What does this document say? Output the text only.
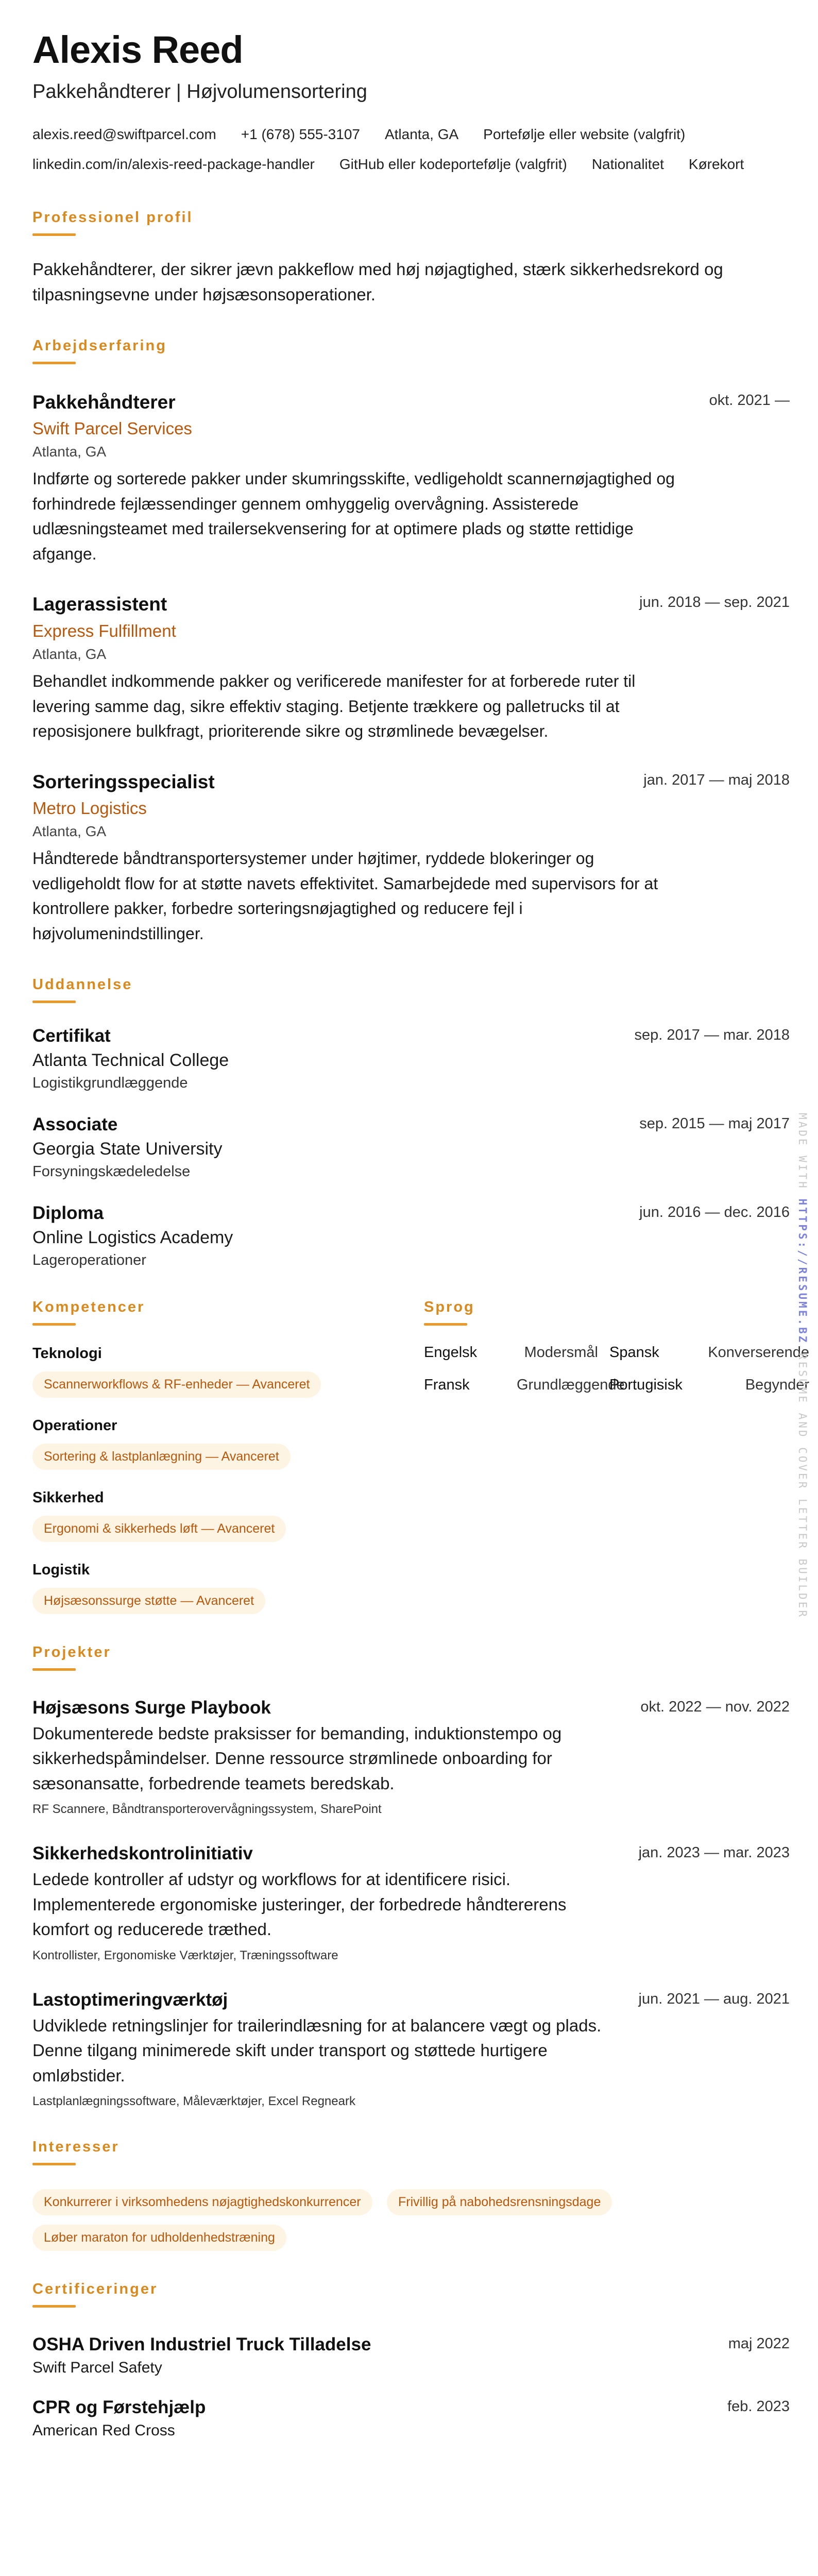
Alexis Reed
Pakkehåndterer | Højvolumensortering
alexis.reed@swiftparcel.com +1 (678) 555-3107 Atlanta, GA Portefølje eller website (valgfrit)
linkedin.com/in/alexis-reed-package-handler GitHub eller kodeportefølje (valgfrit) Nationalitet Kørekort
Professionel profil
Pakkehåndterer, der sikrer jævn pakkeflow med høj nøjagtighed, stærk sikkerhedsrekord og tilpasningsevne under højsæsonsoperationer.
Arbejdserfaring
okt. 2021 —
Pakkehåndterer
Swift Parcel Services
Atlanta, GA
Indførte og sorterede pakker under skumringsskifte, vedligeholdt scannernøjagtighed og forhindrede fejlæssendinger gennem omhyggelig overvågning. Assisterede udlæsningsteamet med trailersekvensering for at optimere plads og støtte rettidige afgange.
jun. 2018 — sep. 2021
Lagerassistent
Express Fulfillment
Atlanta, GA
Behandlet indkommende pakker og verificerede manifester for at forberede ruter til levering samme dag, sikre effektiv staging. Betjente trækkere og palletrucks til at reposisjonere bulkfragt, prioriterende sikre og strømlinede bevægelser.
jan. 2017 — maj 2018
Sorteringsspecialist
Metro Logistics
Atlanta, GA
Håndterede båndtransportersystemer under højtimer, ryddede blokeringer og vedligeholdt flow for at støtte navets effektivitet. Samarbejdede med supervisors for at kontrollere pakker, forbedre sorteringsnøjagtighed og reducere fejl i højvolumenindstillinger.
Uddannelse
sep. 2017 — mar. 2018
Certifikat
Atlanta Technical College
Logistikgrundlæggende
sep. 2015 — maj 2017
Associate
Georgia State University
Forsyningskædeledelse
jun. 2016 — dec. 2016
Diploma
Online Logistics Academy
Lageroperationer
Kompetencer
Teknologi
Scannerworkflows & RF-enheder — Avanceret
Operationer
Sortering & lastplanlægning — Avanceret
Sikkerhed
Ergonomi & sikkerheds løft — Avanceret
Logistik
Højsæsonssurge støtte — Avanceret
Sprog
Engelsk	Modersmål Spansk	Konverserende
Fransk	Grundlæggende
Portugisisk	Begynder
Projekter
okt. 2022 — nov. 2022
Højsæsons Surge Playbook
Dokumenterede bedste praksisser for bemanding, induktionstempo og sikkerhedspåmindelser. Denne ressource strømlinede onboarding for sæsonansatte, forbedrende teamets beredskab.
RF Scannere, Båndtransporterovervågningssystem, SharePoint
jan. 2023 — mar. 2023
Sikkerhedskontrolinitiativ
Ledede kontroller af udstyr og workflows for at identificere risici. Implementerede ergonomiske justeringer, der forbedrede håndtererens komfort og reducerede træthed.
Kontrollister, Ergonomiske Værktøjer, Træningssoftware
jun. 2021 — aug. 2021
Lastoptimeringværktøj
Udviklede retningslinjer for trailerindlæsning for at balancere vægt og plads. Denne tilgang minimerede skift under transport og støttede hurtigere omløbstider.
Lastplanlægningssoftware, Måleværktøjer, Excel Regneark
Interesser
Konkurrerer i virksomhedens nøjagtighedskonkurrencer	Frivillig på nabohedsrensningsdage Løber maraton for udholdenhedstræning
Certificeringer
maj 2022
OSHA Driven Industriel Truck Tilladelse
Swift Parcel Safety
feb. 2023
CPR og Førstehjælp
American Red Cross
MADE WITH HTTPS://RESUME.BZ RESUME AND COVER LETTER BUILDER
